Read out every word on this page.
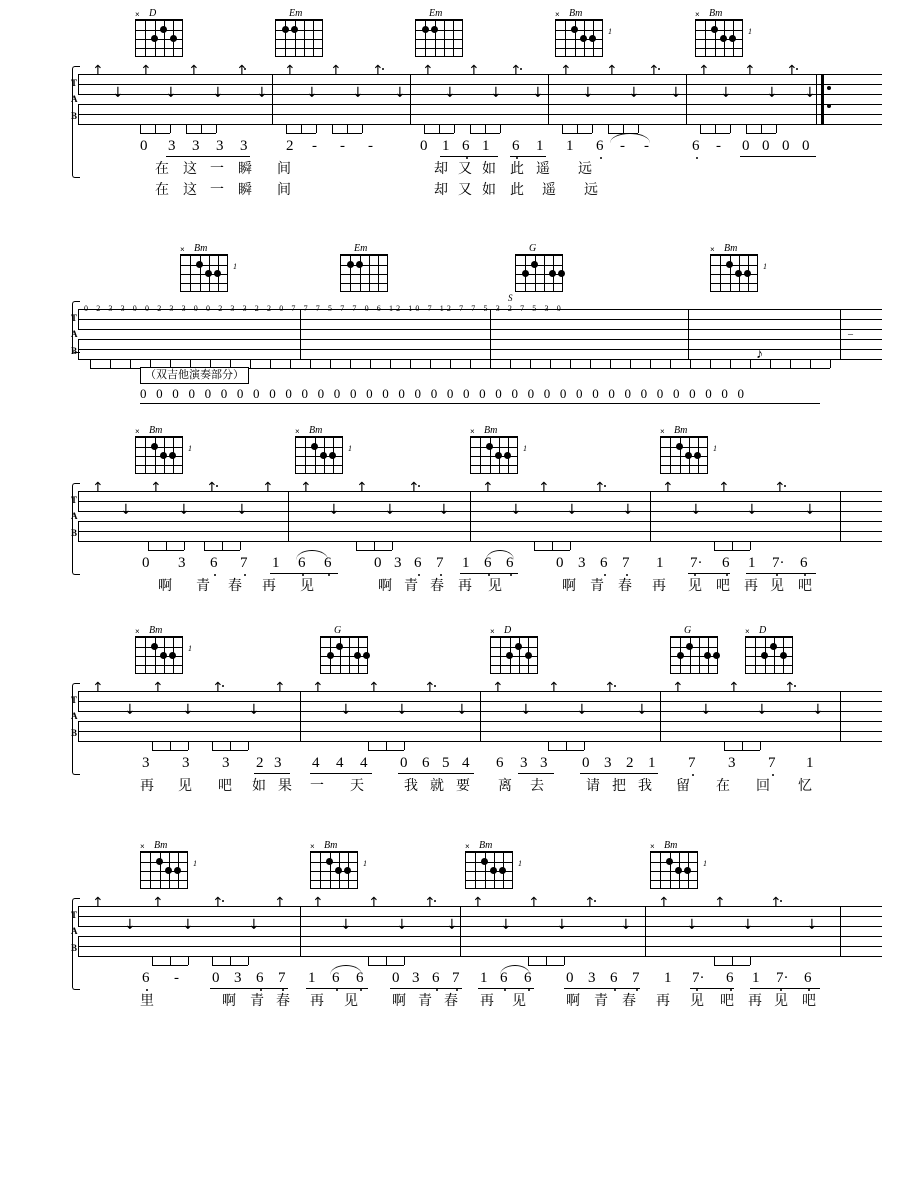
D
×	Em	Em	Bm
×
1
Bm
×
1
T
A
B
↑
↓
↑
↓
↑
↓
↑
↓
↑
↓
↑
↓
↑
↓
↑
↓
↑
↓
↑
↓
↑
↓
↑
↓
↑
↓
↑
↓
↑
↓
↑
↓
0 3 3 3 3	2 - - -	0 1 6 1 6 1 1 6 - -	6 - 0 0 0 0
在 这 一 瞬 间	却 又 如 此 遥 远
在 这 一 瞬 间	却 又 如 此 遥 远
Bm
×
1
Em	G	Bm
×
1
T
A
B
0 2 3 3 0 0 2 3 3 0 0 2 3 3 2 2 0 7 7 7 5 7 7 0 6 12 10 7 12 7 7 5 3 2 7 5 3 0
S
–
♪
（双吉他演奏部分）
0 0 0 0 0 0 0 0 0 0 0 0 0 0 0 0 0 0 0 0 0 0 0 0 0 0 0 0 0 0 0 0 0 0 0 0 0 0
Bm
×
1
Bm
×
1
Bm
×
1
Bm
×
1
T
A
B
↑
↓
↑
↓
↑
↓
↑
↑
↓
↑
↓
↑
↓
↑
↓
↑
↓
↑
↓
↑
↓
↑
↓
↑
↓
0 3 6 7 1 6 6	0 3 6 7 1 6 6	0 3 6 7 1 7· 6 1 7· 6
啊 青 春 再 见	啊 青 春 再 见	啊 青 春 再 见 吧 再 见 吧
Bm
×
1
G	D
×	G	D
×
T
A
B
↑
↓
↑
↓
↑
↓
↑
↑
↓
↑
↓
↑
↓
↑
↓
↑
↓
↑
↓
↑
↓
↑
↓
↑
↓
3 3 3 2 3 4 4 4 0 6 5 4 6 3 3 0 3 2 1 7 3 7 1
再 见 吧 如 果 一 天	我 就 要 离 去	请 把 我 留 在 回 忆
Bm
×
1
Bm
×
1
Bm
×
1
Bm
×
1
T
A
B
↑
↓
↑
↓
↑
↓
↑
↑
↓
↑
↓
↑
↓
↑
↓
↑
↓
↑
↓
↑
↓
↑
↓
↑
↓
6 - 0 3 6 7 1 6 6 0 3 6 7 1 6 6 0 3 6 7 1 7· 6 1 7· 6
里	啊 青 春 再 见 啊 青 春 再 见	啊 青 春 再 见 吧 再 见 吧
